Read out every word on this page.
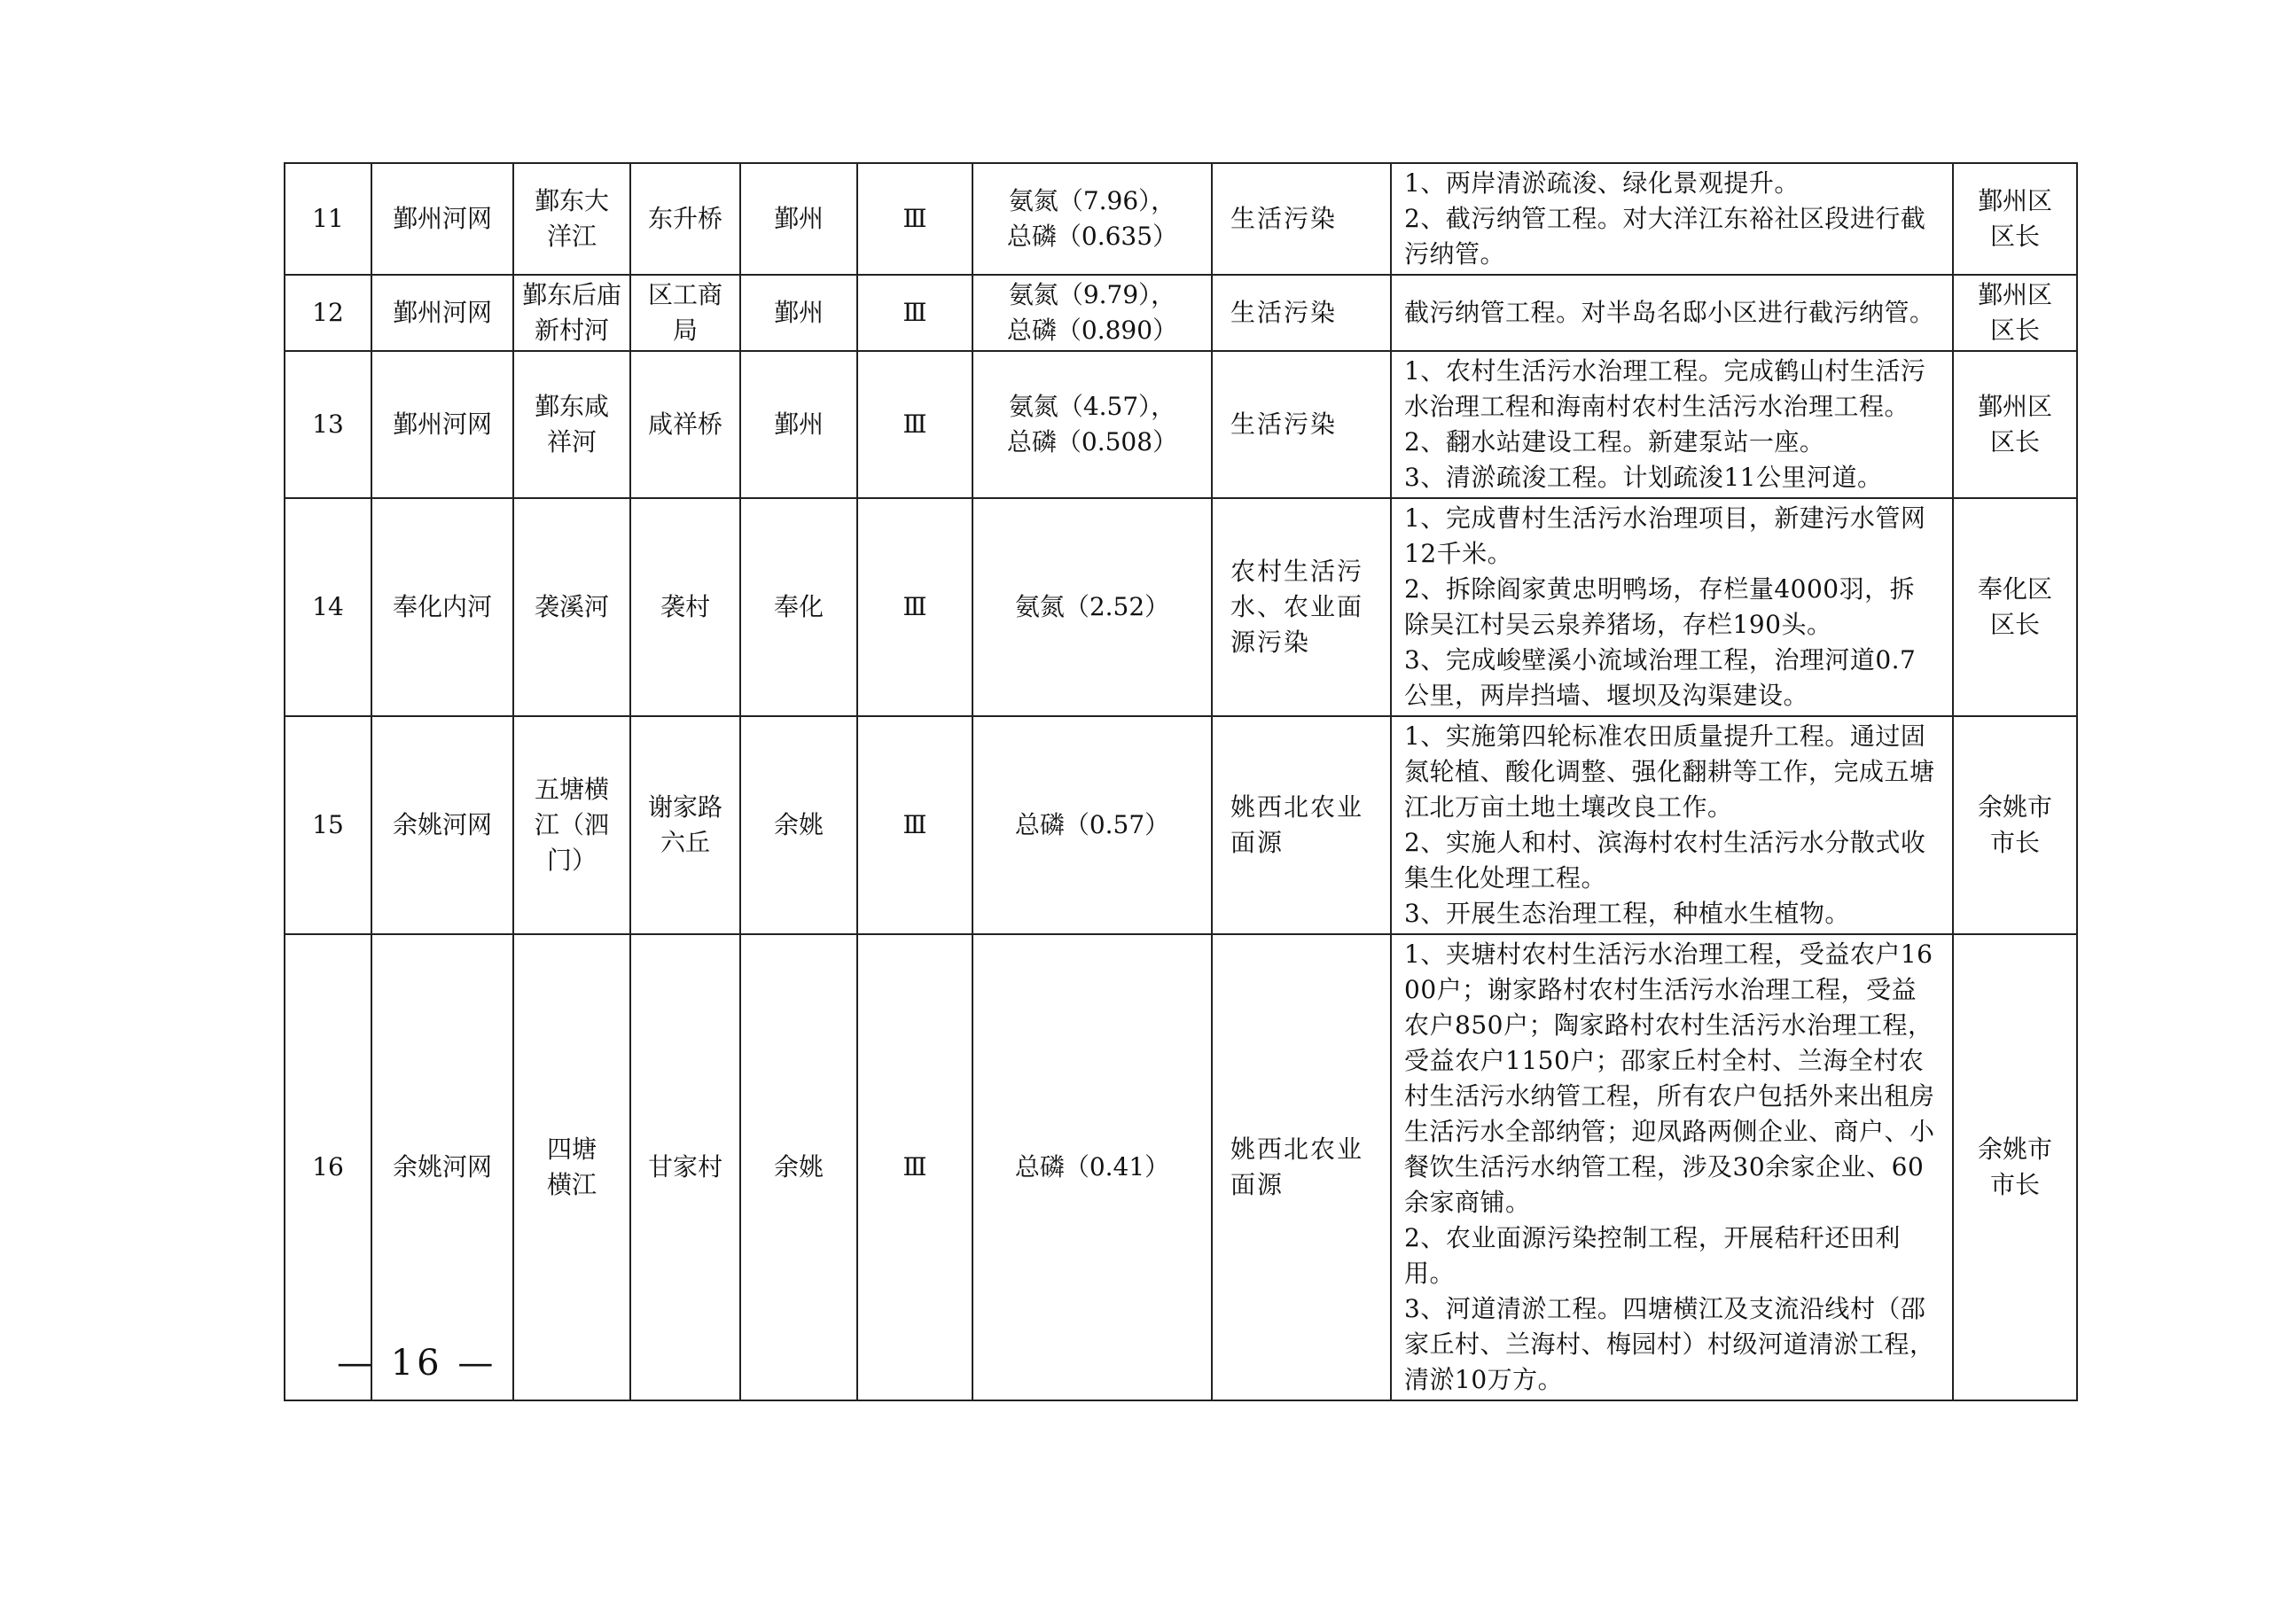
11	鄞州河网	鄞东大
洋江	东升桥	鄞州	Ⅲ	氨氮（7.96），
总磷（0.635）	生活污染	1、两岸清淤疏浚、绿化景观提升。
2、截污纳管工程。对大洋江东裕社区段进行截污纳管。	鄞州区
区长
12	鄞州河网	鄞东后庙
新村河	区工商
局	鄞州	Ⅲ	氨氮（9.79），
总磷（0.890）	生活污染	截污纳管工程。对半岛名邸小区进行截污纳管。	鄞州区
区长
13	鄞州河网	鄞东咸
祥河	咸祥桥	鄞州	Ⅲ	氨氮（4.57），
总磷（0.508）	生活污染	1、农村生活污水治理工程。完成鹤山村生活污水治理工程和海南村农村生活污水治理工程。
2、翻水站建设工程。新建泵站一座。
3、清淤疏浚工程。计划疏浚11公里河道。	鄞州区
区长
14	奉化内河	袭溪河	袭村	奉化	Ⅲ	氨氮（2.52）	农村生活污
水、农业面
源污染	1、完成曹村生活污水治理项目，新建污水管网12千米。
2、拆除阎家黄忠明鸭场，存栏量4000羽，拆除吴江村吴云泉养猪场，存栏190头。
3、完成峻壁溪小流域治理工程，治理河道0.7公里，两岸挡墙、堰坝及沟渠建设。	奉化区
区长
15	余姚河网	五塘横
江（泗
门）	谢家路
六丘	余姚	Ⅲ	总磷（0.57）	姚西北农业
面源	1、实施第四轮标准农田质量提升工程。通过固氮轮植、酸化调整、强化翻耕等工作，完成五塘江北万亩土地土壤改良工作。
2、实施人和村、滨海村农村生活污水分散式收集生化处理工程。
3、开展生态治理工程，种植水生植物。	余姚市
市长
16	余姚河网	四塘
横江	甘家村	余姚	Ⅲ	总磷（0.41）	姚西北农业
面源	1、夹塘村农村生活污水治理工程，受益农户1600户；谢家路村农村生活污水治理工程，受益农户850户；陶家路村农村生活污水治理工程，受益农户1150户；邵家丘村全村、兰海全村农村生活污水纳管工程，所有农户包括外来出租房生活污水全部纳管；迎凤路两侧企业、商户、小餐饮生活污水纳管工程，涉及30余家企业、60余家商铺。
2、农业面源污染控制工程，开展秸秆还田利用。
3、河道清淤工程。四塘横江及支流沿线村（邵家丘村、兰海村、梅园村）村级河道清淤工程，清淤10万方。	余姚市
市长
— 16 —
